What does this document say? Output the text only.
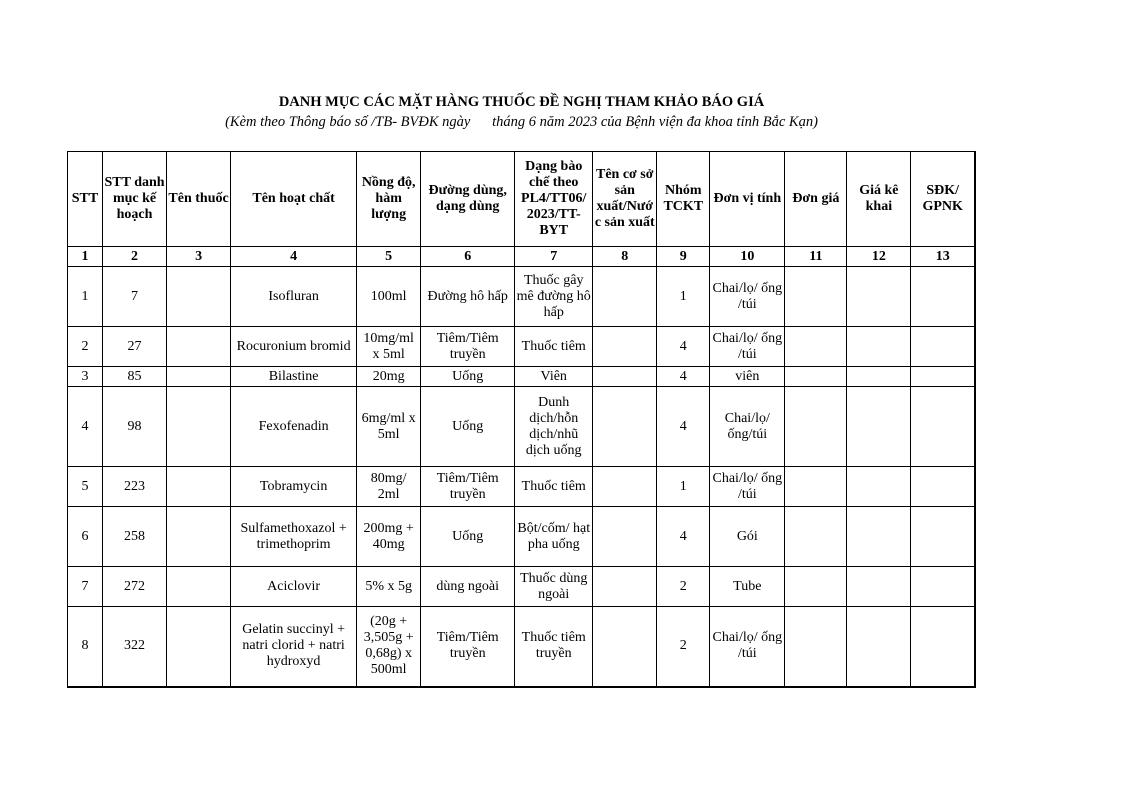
DANH MỤC CÁC MẶT HÀNG THUỐC ĐỀ NGHỊ THAM KHẢO BÁO GIÁ
(Kèm theo Thông báo số /TB- BVĐK ngày      tháng 6 năm 2023 của Bệnh viện đa khoa tỉnh Bắc Kạn)
STT	STT danh mục kế hoạch	Tên thuốc	Tên hoạt chất	Nồng độ, hàm lượng	Đường dùng, dạng dùng	Dạng bào chế theo PL4/TT06/ 2023/TT-BYT	Tên cơ sở sản xuất/Nước sản xuất	Nhóm TCKT	Đơn vị tính	Đơn giá	Giá kê khai	SĐK/ GPNK
1	2	3	4	5	6	7	8	9	10	11	12	13
1	7		Isofluran	100ml	Đường hô hấp	Thuốc gây mê đường hô hấp		1	Chai/lọ/ ống /túi			
2	27		Rocuronium bromid	10mg/ml x 5ml	Tiêm/Tiêm truyền	Thuốc tiêm		4	Chai/lọ/ ống /túi			
3	85		Bilastine	20mg	Uống	Viên		4	viên			
4	98		Fexofenadin	6mg/ml x 5ml	Uống	Dunh dịch/hỗn dịch/nhũ dịch uống		4	Chai/lọ/ ống/túi			
5	223		Tobramycin	80mg/ 2ml	Tiêm/Tiêm truyền	Thuốc tiêm		1	Chai/lọ/ ống /túi			
6	258		Sulfamethoxazol + trimethoprim	200mg + 40mg	Uống	Bột/cốm/ hạt pha uống		4	Gói			
7	272		Aciclovir	5% x 5g	dùng ngoài	Thuốc dùng ngoài		2	Tube			
8	322		Gelatin succinyl + natri clorid + natri hydroxyd	(20g + 3,505g + 0,68g) x 500ml	Tiêm/Tiêm truyền	Thuốc tiêm truyền		2	Chai/lọ/ ống /túi			
